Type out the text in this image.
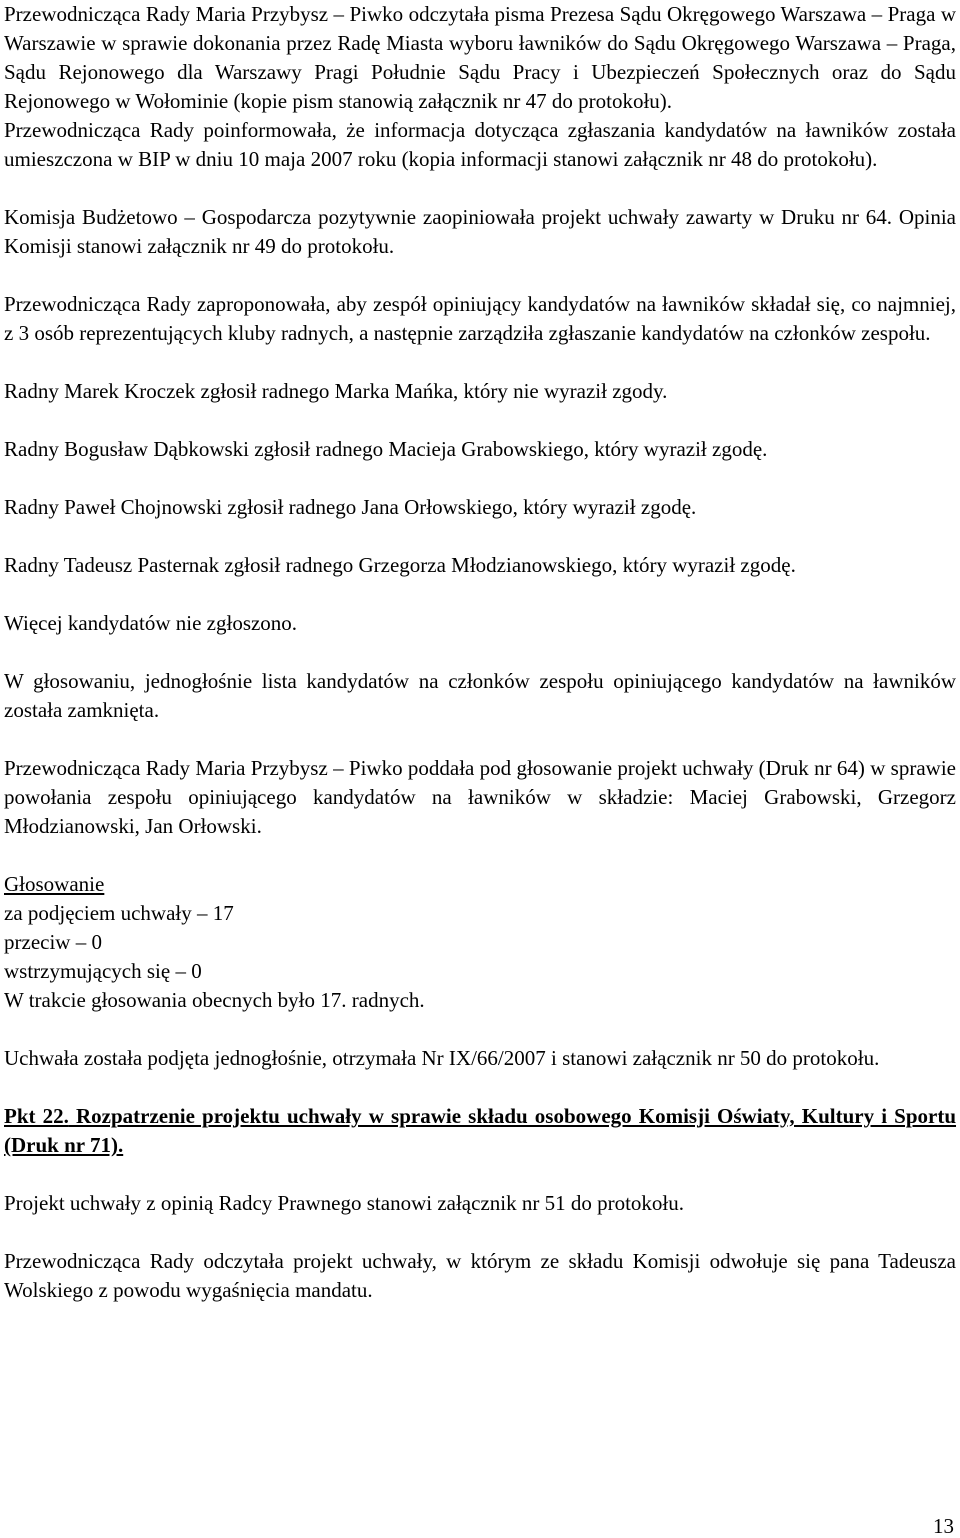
Przewodnicząca Rady Maria Przybysz – Piwko odczytała pisma Prezesa Sądu Okręgowego Warszawa – Praga w Warszawie w sprawie dokonania przez Radę Miasta wyboru ławników do Sądu Okręgowego Warszawa – Praga, Sądu Rejonowego dla Warszawy Pragi Południe Sądu Pracy i Ubezpieczeń Społecznych oraz do Sądu Rejonowego w Wołominie (kopie pism stanowią załącznik nr 47 do protokołu).

Przewodnicząca Rady poinformowała, że informacja dotycząca zgłaszania kandydatów na ławników została umieszczona w BIP w dniu 10 maja 2007 roku (kopia informacji stanowi załącznik nr 48 do protokołu).

Komisja Budżetowo – Gospodarcza pozytywnie zaopiniowała projekt uchwały zawarty w Druku nr 64. Opinia Komisji stanowi załącznik nr 49 do protokołu.

Przewodnicząca Rady zaproponowała, aby zespół opiniujący kandydatów na ławników składał się, co najmniej, z 3 osób reprezentujących kluby radnych, a następnie zarządziła zgłaszanie kandydatów na członków zespołu.

Radny Marek Kroczek zgłosił radnego Marka Mańka, który nie wyraził zgody.

Radny Bogusław Dąbkowski zgłosił radnego Macieja Grabowskiego, który wyraził zgodę.

Radny Paweł Chojnowski zgłosił radnego Jana Orłowskiego, który wyraził zgodę.

Radny Tadeusz Pasternak zgłosił radnego Grzegorza Młodzianowskiego, który wyraził zgodę.

Więcej kandydatów nie zgłoszono.

W głosowaniu, jednogłośnie lista kandydatów na członków zespołu opiniującego kandydatów na ławników została zamknięta.

Przewodnicząca Rady Maria Przybysz – Piwko poddała pod głosowanie projekt uchwały (Druk nr 64) w sprawie powołania zespołu opiniującego kandydatów na ławników w składzie: Maciej Grabowski, Grzegorz Młodzianowski, Jan Orłowski.

Głosowanie
za podjęciem uchwały – 17
przeciw – 0
wstrzymujących się – 0
W trakcie głosowania obecnych było 17. radnych.

Uchwała została podjęta jednogłośnie, otrzymała Nr IX/66/2007 i stanowi załącznik nr 50 do protokołu.

Pkt 22. Rozpatrzenie projektu uchwały w sprawie składu osobowego Komisji Oświaty, Kultury i Sportu (Druk nr 71).

Projekt uchwały z opinią Radcy Prawnego stanowi załącznik nr 51 do protokołu.

Przewodnicząca Rady odczytała projekt uchwały, w którym ze składu Komisji odwołuje się pana Tadeusza Wolskiego z powodu wygaśnięcia mandatu.

13
